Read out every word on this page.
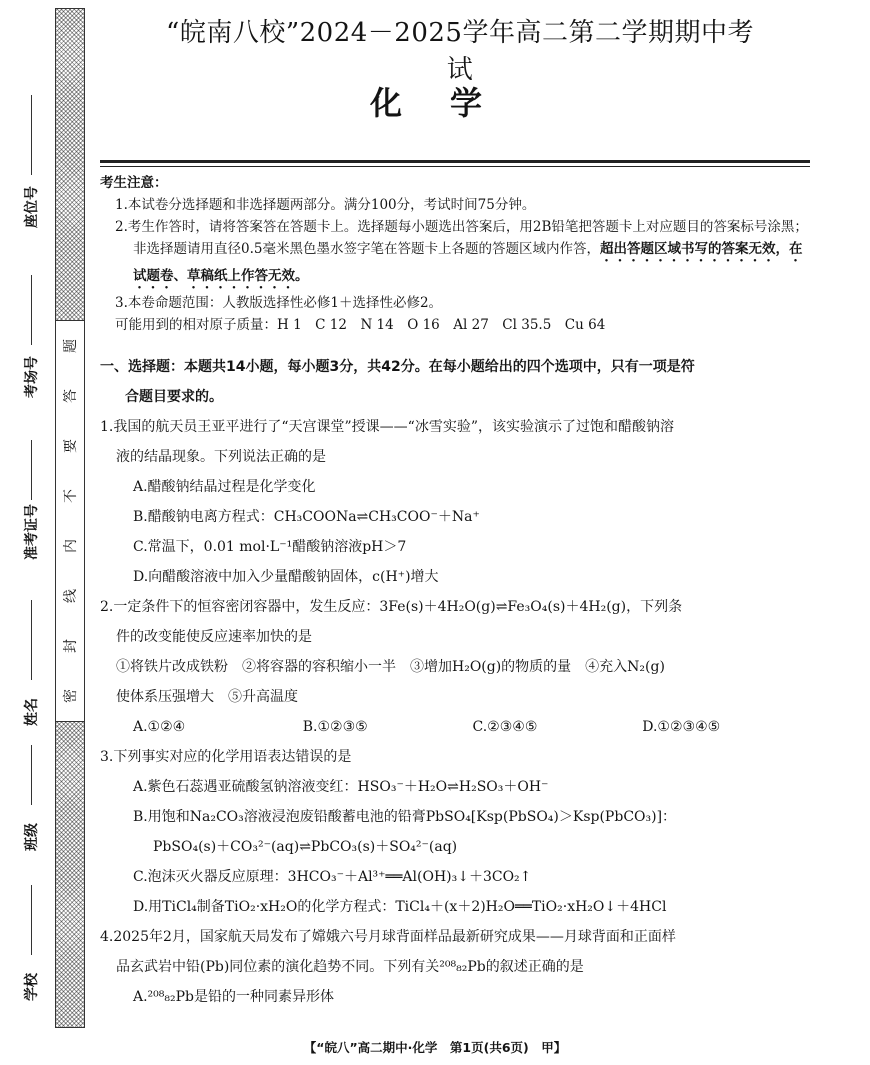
密
封
线
内
不
要
答
题
座位号
考场号
准考证号
姓名
班级
学校
“皖南八校”2024－2025学年高二第二学期期中考试
化学
考生注意：
1.本试卷分选择题和非选择题两部分。满分100分，考试时间75分钟。
2.考生作答时，请将答案答在答题卡上。选择题每小题选出答案后，用2B铅笔把答题卡上对应题目的答案标号涂黑；非选择题请用直径0.5毫米黑色墨水签字笔在答题卡上各题的答题区域内作答，超出答题区域书写的答案无效，在试题卷、草稿纸上作答无效。
3.本卷命题范围：人教版选择性必修1＋选择性必修2。
可能用到的相对原子质量：H 1　C 12　N 14　O 16　Al 27　Cl 35.5　Cu 64
一、选择题：本题共14小题，每小题3分，共42分。在每小题给出的四个选项中，只有一项是符
合题目要求的。
1.我国的航天员王亚平进行了“天宫课堂”授课——“冰雪实验”，该实验演示了过饱和醋酸钠溶
液的结晶现象。下列说法正确的是
A.醋酸钠结晶过程是化学变化
B.醋酸钠电离方程式：CH₃COONa⇌CH₃COO⁻＋Na⁺
C.常温下，0.01 mol·L⁻¹醋酸钠溶液pH＞7
D.向醋酸溶液中加入少量醋酸钠固体，c(H⁺)增大
2.一定条件下的恒容密闭容器中，发生反应：3Fe(s)＋4H₂O(g)⇌Fe₃O₄(s)＋4H₂(g)，下列条
件的改变能使反应速率加快的是
①将铁片改成铁粉　②将容器的容积缩小一半　③增加H₂O(g)的物质的量　④充入N₂(g)
使体系压强增大　⑤升高温度
A.①②④	B.①②③⑤	C.②③④⑤	D.①②③④⑤
3.下列事实对应的化学用语表达错误的是
A.紫色石蕊遇亚硫酸氢钠溶液变红：HSO₃⁻＋H₂O⇌H₂SO₃＋OH⁻
B.用饱和Na₂CO₃溶液浸泡废铅酸蓄电池的铅膏PbSO₄[Ksp(PbSO₄)＞Ksp(PbCO₃)]：
PbSO₄(s)＋CO₃²⁻(aq)⇌PbCO₃(s)＋SO₄²⁻(aq)
C.泡沫灭火器反应原理：3HCO₃⁻＋Al³⁺══Al(OH)₃↓＋3CO₂↑
D.用TiCl₄制备TiO₂·xH₂O的化学方程式：TiCl₄＋(x＋2)H₂O══TiO₂·xH₂O↓＋4HCl
4.2025年2月，国家航天局发布了嫦娥六号月球背面样品最新研究成果——月球背面和正面样
品玄武岩中铅(Pb)同位素的演化趋势不同。下列有关²⁰⁸₈₂Pb的叙述正确的是
A.²⁰⁸₈₂Pb是铅的一种同素异形体
【“皖八”高二期中·化学　第1页(共6页)　甲】
